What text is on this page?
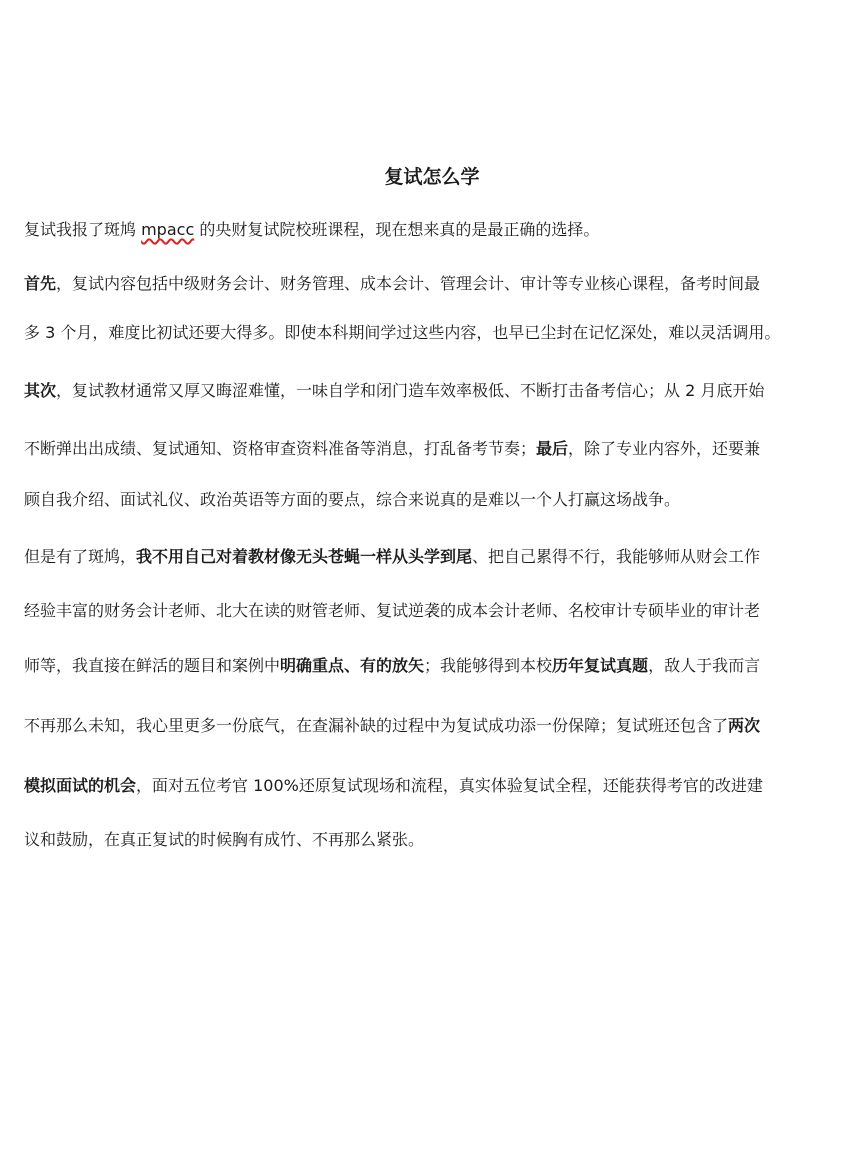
复试怎么学

复试我报了斑鸠 mpacc 的央财复试院校班课程，现在想来真的是最正确的选择。

首先，复试内容包括中级财务会计、财务管理、成本会计、管理会计、审计等专业核心课程，备考时间最

多 3 个月，难度比初试还要大得多。即使本科期间学过这些内容，也早已尘封在记忆深处，难以灵活调用。

其次，复试教材通常又厚又晦涩难懂，一味自学和闭门造车效率极低、不断打击备考信心；从 2 月底开始

不断弹出出成绩、复试通知、资格审查资料准备等消息，打乱备考节奏；最后，除了专业内容外，还要兼

顾自我介绍、面试礼仪、政治英语等方面的要点，综合来说真的是难以一个人打赢这场战争。

但是有了斑鸠，我不用自己对着教材像无头苍蝇一样从头学到尾、把自己累得不行，我能够师从财会工作

经验丰富的财务会计老师、北大在读的财管老师、复试逆袭的成本会计老师、名校审计专硕毕业的审计老

师等，我直接在鲜活的题目和案例中明确重点、有的放矢；我能够得到本校历年复试真题，敌人于我而言

不再那么未知，我心里更多一份底气，在查漏补缺的过程中为复试成功添一份保障；复试班还包含了两次

模拟面试的机会，面对五位考官 100%还原复试现场和流程，真实体验复试全程，还能获得考官的改进建

议和鼓励，在真正复试的时候胸有成竹、不再那么紧张。
